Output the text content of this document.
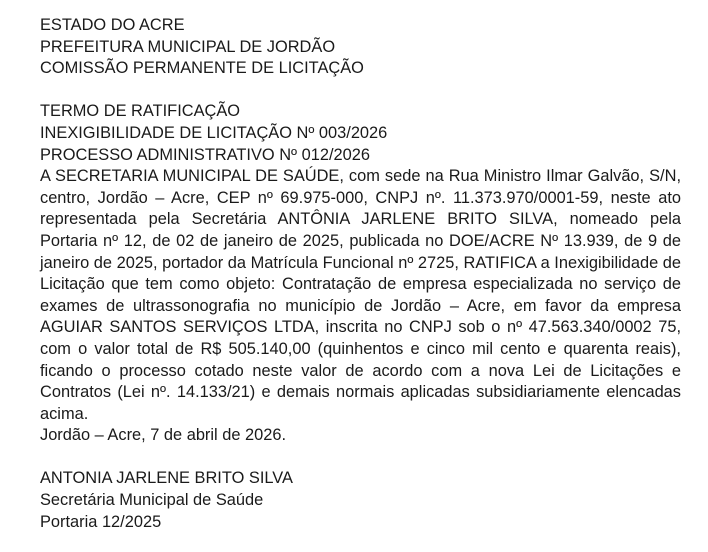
ESTADO DO ACRE
PREFEITURA MUNICIPAL DE JORDÃO
COMISSÃO PERMANENTE DE LICITAÇÃO
TERMO DE RATIFICAÇÃO
INEXIGIBILIDADE DE LICITAÇÃO Nº 003/2026
PROCESSO ADMINISTRATIVO Nº 012/2026
A SECRETARIA MUNICIPAL DE SAÚDE, com sede na Rua Ministro Ilmar Galvão, S/N, centro, Jordão – Acre, CEP nº 69.975-000, CNPJ nº. 11.373.970/0001-59, neste ato representada pela Secretária ANTÔNIA JARLENE BRITO SILVA, nomeado pela Portaria nº 12, de 02 de janeiro de 2025, publicada no DOE/ACRE Nº 13.939, de 9 de janeiro de 2025, portador da Matrícula Funcional nº 2725, RATIFICA a Inexigibilidade de Licitação que tem como objeto: Contratação de empresa especializada no serviço de exames de ultrassonografia no município de Jordão – Acre, em favor da empresa AGUIAR SANTOS SERVIÇOS LTDA, inscrita no CNPJ sob o nº 47.563.340/0002 75, com o valor total de R$ 505.140,00 (quinhentos e cinco mil cento e quarenta reais), ficando o processo cotado neste valor de acordo com a nova Lei de Licitações e Contratos (Lei nº. 14.133/21) e demais normais aplicadas subsidiariamente elencadas acima.
Jordão – Acre, 7 de abril de 2026.
ANTONIA JARLENE BRITO SILVA
Secretária Municipal de Saúde
Portaria 12/2025
